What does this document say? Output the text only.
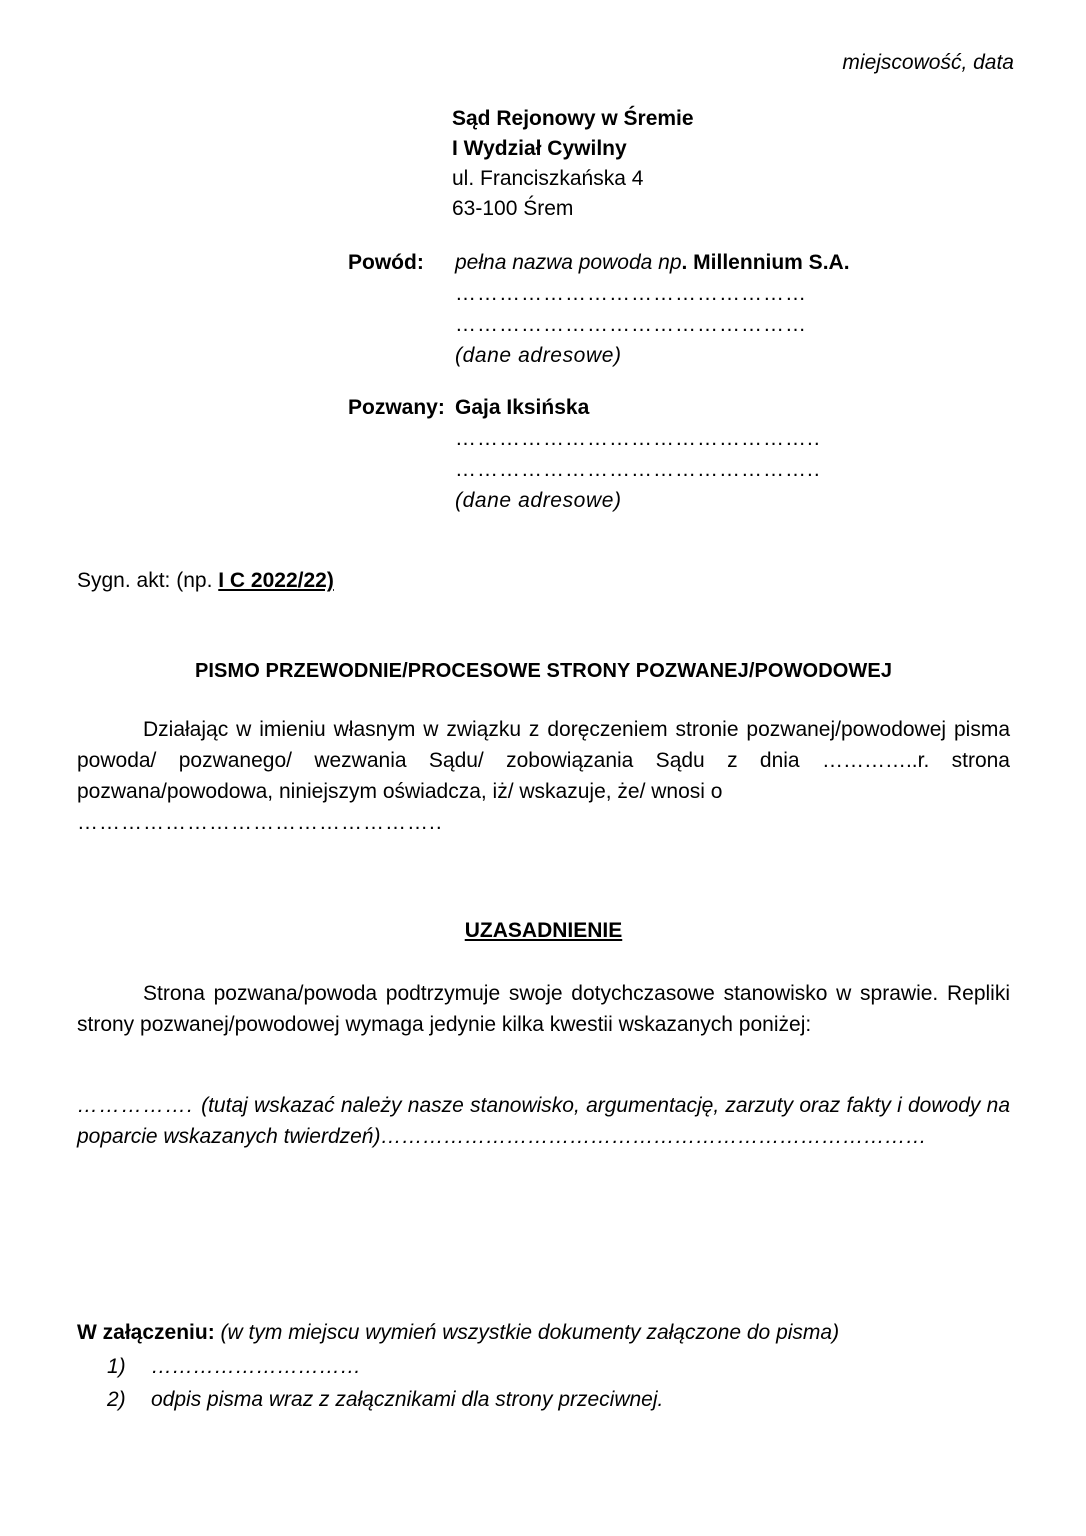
miejscowość, data
Sąd Rejonowy w Śremie
I Wydział Cywilny
ul. Franciszkańska 4
63-100 Śrem
Powód:	pełna nazwa powoda np. Millennium S.A.
…………………………………………
…………………………………………
(dane adresowe)
Pozwany: Gaja Iksińska
…………………………………………..
…………………………………………..
(dane adresowe)
Sygn. akt: (np. I C 2022/22)
PISMO PRZEWODNIE/PROCESOWE STRONY POZWANEJ/POWODOWEJ
Działając w imieniu własnym w związku z doręczeniem stronie pozwanej/powodowej pisma powoda/ pozwanego/ wezwania Sądu/ zobowiązania Sądu z dnia …………..r. strona pozwana/powodowa, niniejszym oświadcza, iż/ wskazuje, że/ wnosi o
…………………………………………..
UZASADNIENIE
Strona pozwana/powoda podtrzymuje swoje dotychczasowe stanowisko w sprawie. Repliki strony pozwanej/powodowej wymaga jedynie kilka kwestii wskazanych poniżej:
……………. (tutaj wskazać należy nasze stanowisko, argumentację, zarzuty oraz fakty i dowody na poparcie wskazanych twierdzeń)……………………………………………………………………
W załączeniu: (w tym miejscu wymień wszystkie dokumenty załączone do pisma)
1)	…………………………
2)	odpis pisma wraz z załącznikami dla strony przeciwnej.
